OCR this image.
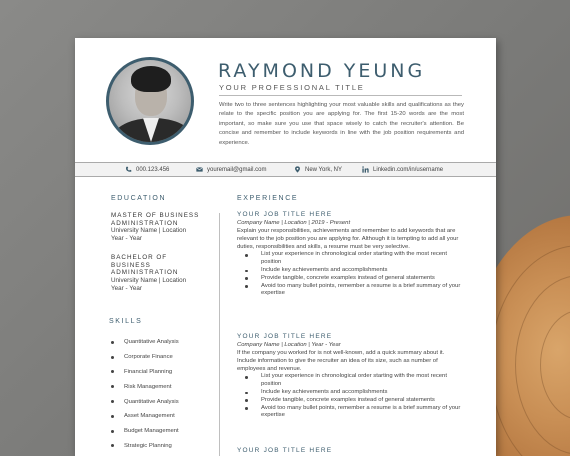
RAYMOND YEUNG
YOUR PROFESSIONAL TITLE

Write two to three sentences highlighting your most valuable skills and qualifications as they relate to the specific position you are applying for. The first 15-20 words are the most important, so make sure you use that space wisely to catch the recruiter's attention. Be concise and remember to include keywords in line with the job position requirements and experience.

000.123.456	youremail@gmail.com	New York, NY	Linkedin.com/in/username
EDUCATION
MASTER OF BUSINESS ADMINISTRATION
University Name | Location
Year - Year
BACHELOR OF BUSINESS ADMINISTRATION
University Name | Location
Year - Year
SKILLS
Quantitative Analysis
Corporate Finance
Financial Planning
Risk Management
Quantitative Analysis
Asset Management
Budget Management
Strategic Planning
EXPERIENCE
YOUR JOB TITLE HERE
Company Name | Location | 2019 - Present

Explain your responsibilities, achievements and remember to add keywords that are relevant to the job position you are applying for. Although it is tempting to add all your duties, responsibilities and skills, a resume must be very selective.

List your experience in chronological order starting with the most recent position
Include key achievements and accomplishments
Provide tangible, concrete examples instead of general statements
Avoid too many bullet points, remember a resume is a brief summary of your expertise
YOUR JOB TITLE HERE
Company Name | Location | Year - Year

If the company you worked for is not well-known, add a quick summary about it. Include information to give the recruiter an idea of its size, such as number of employees and revenue.

List your experience in chronological order starting with the most recent position
Include key achievements and accomplishments
Provide tangible, concrete examples instead of general statements
Avoid too many bullet points, remember a resume is a brief summary of your expertise
YOUR JOB TITLE HERE
